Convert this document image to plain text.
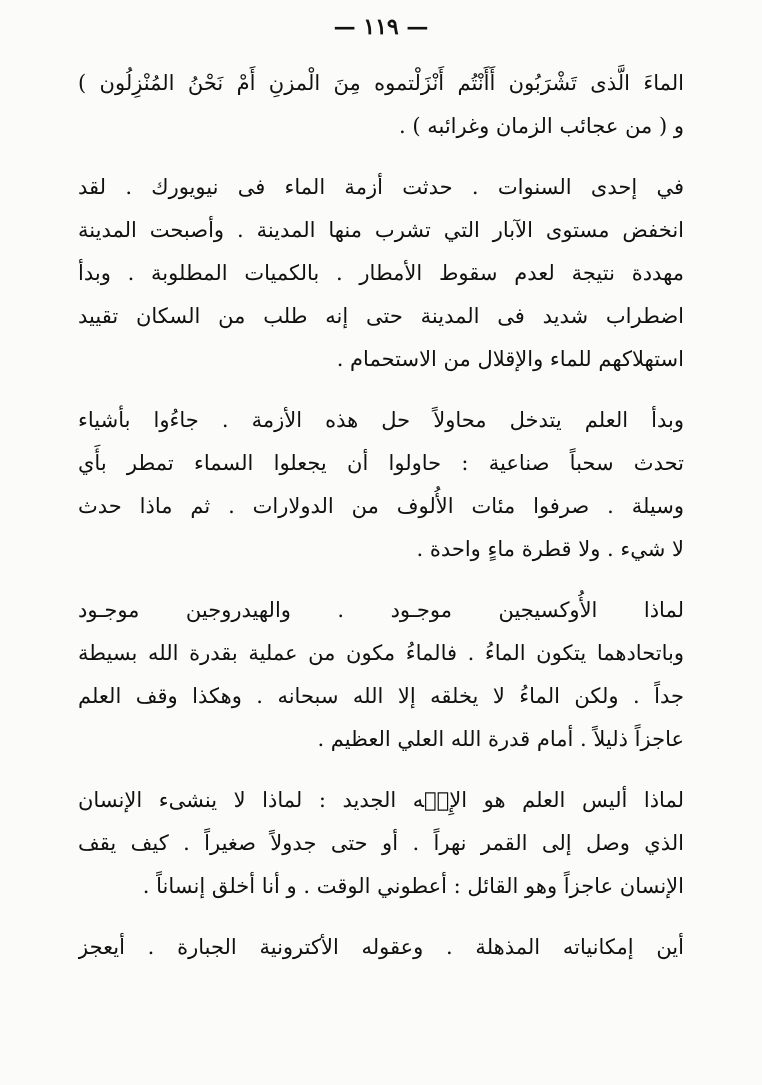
— ١١٩ —
الماءَ الَّذى تَشْرَبُون أَأَنْتُم أَنْزَلْتموه مِنَ الْمزنِ أَمْ نَحْنُ المُنْزِلُون )
و ( من عجائب الزمان وغرائبه ) .
في إحدى السنوات . حدثت أزمة الماء فى نيويورك . لقد
انخفض مستوى الآبار التي تشرب منها المدينة . وأصبحت المدينة
مهددة نتيجة لعدم سقوط الأمطار . بالكميات المطلوبة . وبدأ
اضطراب شديد فى المدينة حتى إنه طلب من السكان تقييد
استهلاكهم للماء والإقلال من الاستحمام .
وبدأ العلم يتدخل محاولاً حل هذه الأزمة . جاءُوا بأشياء
تحدث سحباً صناعية : حاولوا أن يجعلوا السماء تمطر بأَي
وسيلة . صرفوا مئات الأُلوف من الدولارات . ثم ماذا حدث
لا شيء . ولا قطرة ماءٍ واحدة .
لماذا الأُوكسيجين موجـود . والهيدروجين موجـود
وباتحادهما يتكون الماءُ . فالماءُ مكون من عملية بقدرة الله بسيطة
جداً . ولكن الماءُ لا يخلقه إلا الله سبحانه . وهكذا وقف العلم
عاجزاً ذليلاً . أمام قدرة الله العلي العظيم .
لماذا أليس العلم هو الإِلۤه الجديد : لماذا لا ينشىء الإنسان
الذي وصل إلى القمر نهراً . أو حتى جدولاً صغيراً . كيف يقف
الإنسان عاجزاً وهو القائل : أعطوني الوقت . و أنا أخلق إنساناً .
أين إمكانياته المذهلة . وعقوله الأكترونية الجبارة . أيعجز
